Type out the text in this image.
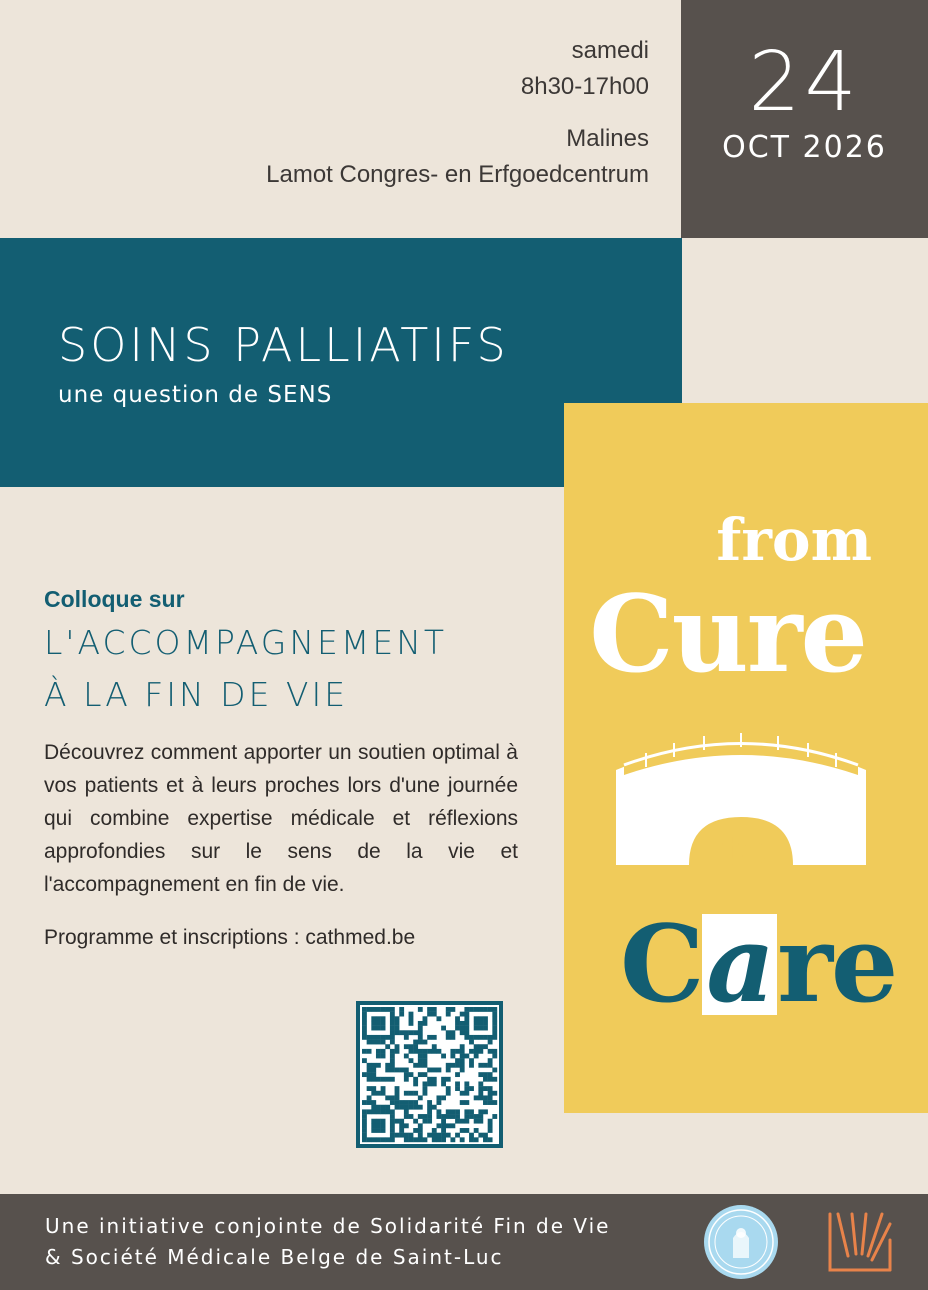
samedi
8h30-17h00
Malines
Lamot Congres- en Erfgoedcentrum
24
OCT 2026
SOINS PALLIATIFS
une question de SENS
from
Cure
to
Care
Colloque sur
L'ACCOMPAGNEMENT
À LA FIN DE VIE
Découvrez comment apporter un soutien optimal à vos patients et à leurs proches lors d'une journée qui combine expertise médicale et réflexions approfondies sur le sens de la vie et l'accompagnement en fin de vie.
Programme et inscriptions : cathmed.be
Une initiative conjointe de Solidarité Fin de Vie
& Société Médicale Belge de Saint-Luc
